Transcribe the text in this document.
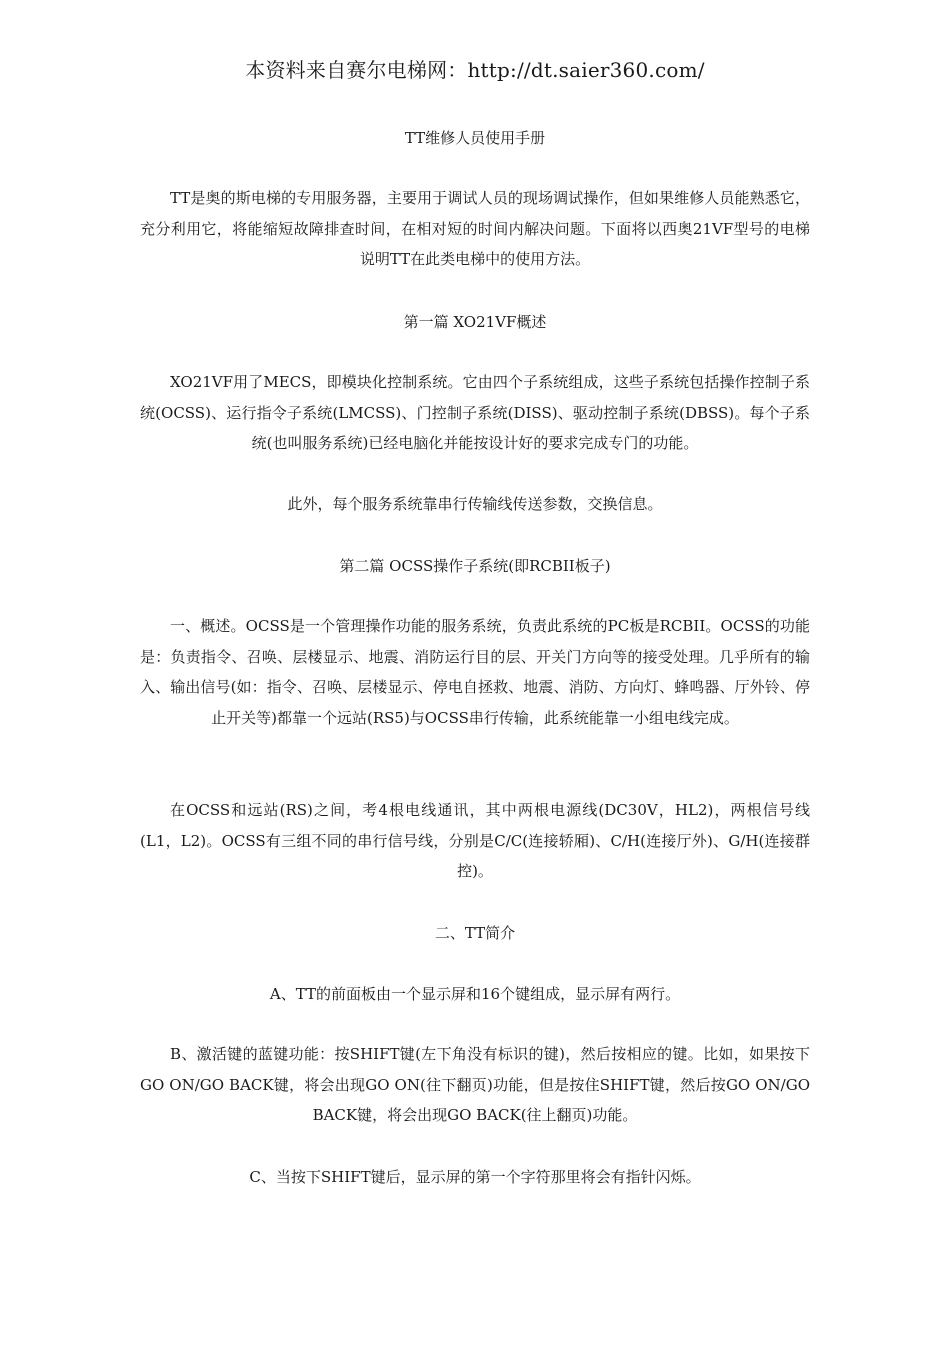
本资料来自赛尔电梯网：http://dt.saier360.com/
TT维修人员使用手册
TT是奥的斯电梯的专用服务器，主要用于调试人员的现场调试操作，但如果维修人员能熟悉它，充分利用它，将能缩短故障排查时间，在相对短的时间内解决问题。下面将以西奥21VF型号的电梯说明TT在此类电梯中的使用方法。
第一篇 XO21VF概述
XO21VF用了MECS，即模块化控制系统。它由四个子系统组成，这些子系统包括操作控制子系统(OCSS)、运行指令子系统(LMCSS)、门控制子系统(DISS)、驱动控制子系统(DBSS)。每个子系统(也叫服务系统)已经电脑化并能按设计好的要求完成专门的功能。
此外，每个服务系统靠串行传输线传送参数，交换信息。
第二篇 OCSS操作子系统(即RCBII板子)
一、概述。OCSS是一个管理操作功能的服务系统，负责此系统的PC板是RCBII。OCSS的功能是：负责指令、召唤、层楼显示、地震、消防运行目的层、开关门方向等的接受处理。几乎所有的输入、输出信号(如：指令、召唤、层楼显示、停电自拯救、地震、消防、方向灯、蜂鸣器、厅外铃、停止开关等)都靠一个远站(RS5)与OCSS串行传输，此系统能靠一小组电线完成。
在OCSS和远站(RS)之间，考4根电线通讯，其中两根电源线(DC30V，HL2)，两根信号线(L1，L2)。OCSS有三组不同的串行信号线，分别是C/C(连接轿厢)、C/H(连接厅外)、G/H(连接群控)。
二、TT简介
A、TT的前面板由一个显示屏和16个键组成，显示屏有两行。
B、激活键的蓝键功能：按SHIFT键(左下角没有标识的键)，然后按相应的键。比如，如果按下GO ON/GO BACK键，将会出现GO ON(往下翻页)功能，但是按住SHIFT键，然后按GO ON/GO BACK键，将会出现GO BACK(往上翻页)功能。
C、当按下SHIFT键后，显示屏的第一个字符那里将会有指针闪烁。
